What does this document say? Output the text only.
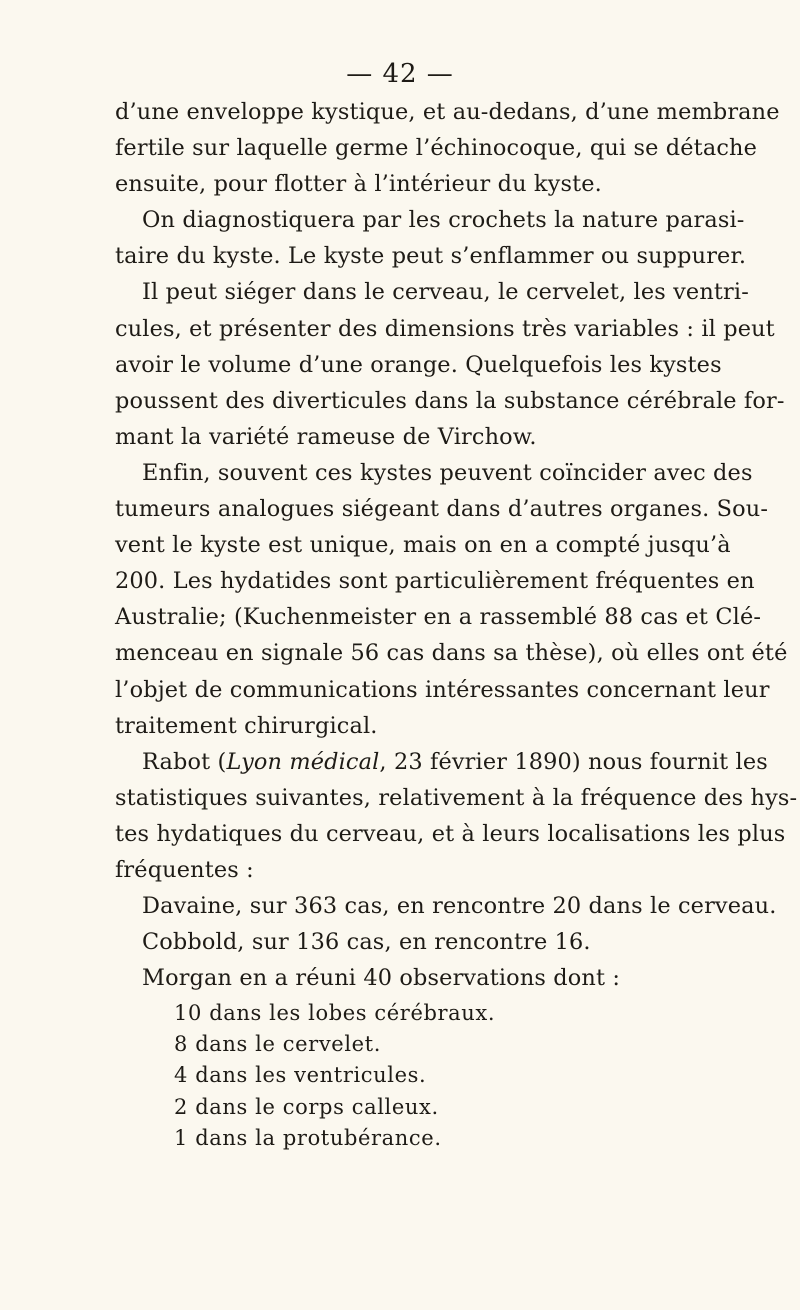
— 42 —
d’une enveloppe kystique, et au-dedans, d’une membrane
fertile sur laquelle germe l’échinocoque, qui se détache
ensuite, pour flotter à l’intérieur du kyste.
On diagnostiquera par les crochets la nature parasi-
taire du kyste. Le kyste peut s’enflammer ou suppurer.
Il peut siéger dans le cerveau, le cervelet, les ventri-
cules, et présenter des dimensions très variables : il peut
avoir le volume d’une orange. Quelquefois les kystes
poussent des diverticules dans la substance cérébrale for-
mant la variété rameuse de Virchow.
Enfin, souvent ces kystes peuvent coïncider avec des
tumeurs analogues siégeant dans d’autres organes. Sou-
vent le kyste est unique, mais on en a compté jusqu’à
200. Les hydatides sont particulièrement fréquentes en
Australie; (Kuchenmeister en a rassemblé 88 cas et Clé-
menceau en signale 56 cas dans sa thèse), où elles ont été
l’objet de communications intéressantes concernant leur
traitement chirurgical.
Rabot (Lyon médical, 23 février 1890) nous fournit les
statistiques suivantes, relativement à la fréquence des hys-
tes hydatiques du cerveau, et à leurs localisations les plus
fréquentes :
Davaine, sur 363 cas, en rencontre 20 dans le cerveau.
Cobbold, sur 136 cas, en rencontre 16.
Morgan en a réuni 40 observations dont :
10 dans les lobes cérébraux.
8 dans le cervelet.
4 dans les ventricules.
2 dans le corps calleux.
1 dans la protubérance.
